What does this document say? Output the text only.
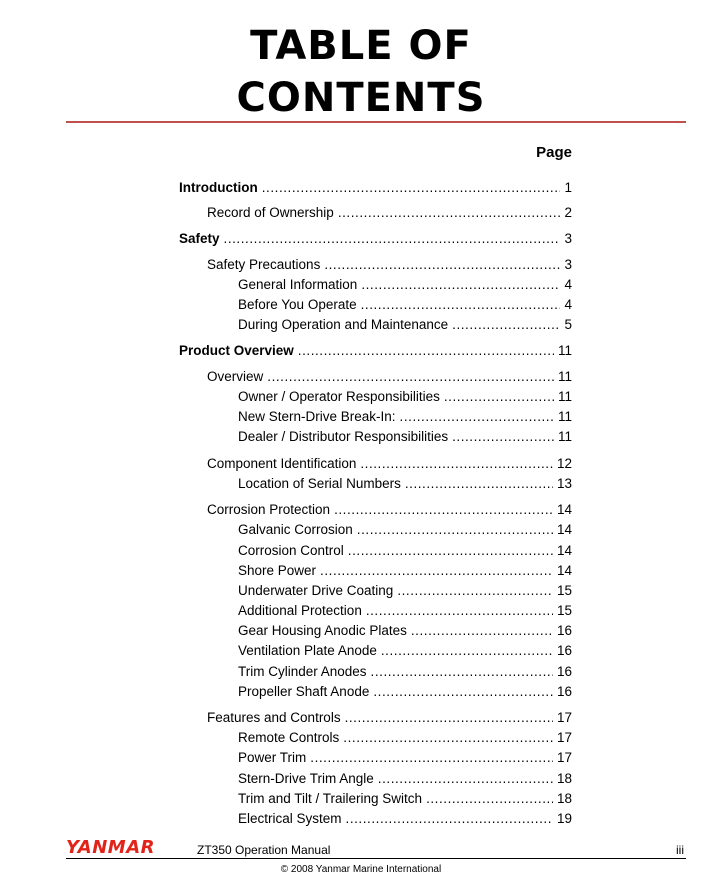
TABLE OF
CONTENTS
Page
Introduction . . .	1
Record of Ownership . . .	2
Safety . . .	3
Safety Precautions . . .	3
General Information . . .	4
Before You Operate . . .	4
During Operation and Maintenance . . .	5
Product Overview . . .	11
Overview . . .	11
Owner / Operator Responsibilities . . .	11
New Stern-Drive Break-In: . . .	11
Dealer / Distributor Responsibilities . . .	11
Component Identification . . .	12
Location of Serial Numbers . . .	13
Corrosion Protection . . .	14
Galvanic Corrosion . . .	14
Corrosion Control . . .	14
Shore Power . . .	14
Underwater Drive Coating . . .	15
Additional Protection . . .	15
Gear Housing Anodic Plates . . .	16
Ventilation Plate Anode . . .	16
Trim Cylinder Anodes . . .	16
Propeller Shaft Anode . . .	16
Features and Controls . . .	17
Remote Controls . . .	17
Power Trim . . .	17
Stern-Drive Trim Angle . . .	18
Trim and Tilt / Trailering Switch . . .	18
Electrical System . . .	19
YANMAR	ZT350 Operation Manual	iii
© 2008 Yanmar Marine International
